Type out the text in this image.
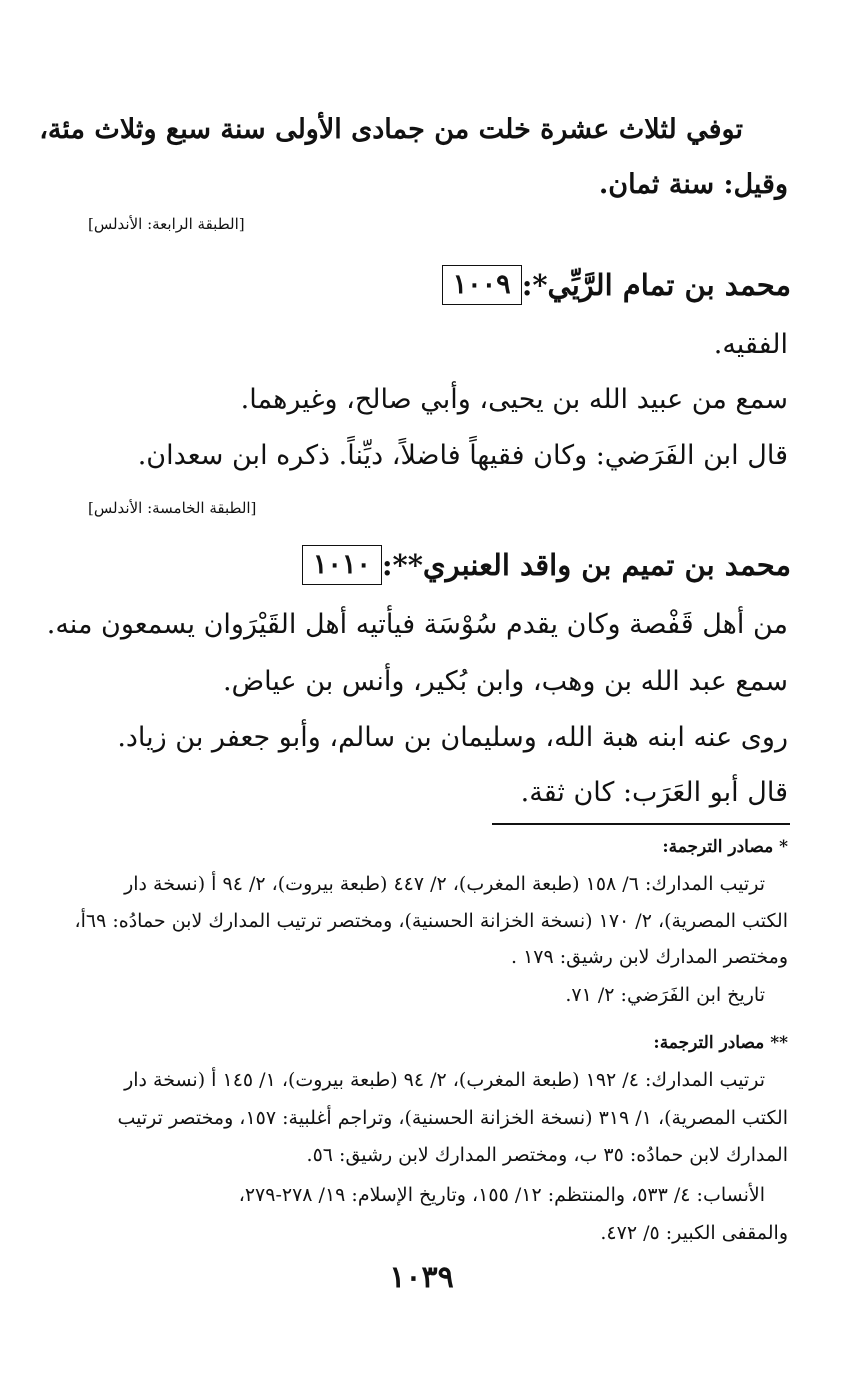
توفي لثلاث عشرة خلت من جمادى الأولى سنة سبع وثلاث مئة،
وقيل: سنة ثمان.
[الطبقة الرابعة: الأندلس]
١٠٠٩ محمد بن تمام الرَّيِّي*:
الفقيه.
سمع من عبيد الله بن يحيى، وأبي صالح، وغيرهما.
قال ابن الفَرَضي: وكان فقيهاً فاضلاً، ديِّناً. ذكره ابن سعدان.
[الطبقة الخامسة: الأندلس]
١٠١٠ محمد بن تميم بن واقد العنبري**:
من أهل قَفْصة وكان يقدم سُوْسَة فيأتيه أهل القَيْرَوان يسمعون منه.
سمع عبد الله بن وهب، وابن بُكير، وأنس بن عياض.
روى عنه ابنه هبة الله، وسليمان بن سالم، وأبو جعفر بن زياد.
قال أبو العَرَب: كان ثقة.
* مصادر الترجمة:
ترتيب المدارك: ٦/ ١٥٨ (طبعة المغرب)، ٢/ ٤٤٧ (طبعة بيروت)، ٢/ ٩٤ أ (نسخة دار
الكتب المصرية)، ٢/ ١٧٠ (نسخة الخزانة الحسنية)، ومختصر ترتيب المدارك لابن حمادُه: ٦٩أ،
ومختصر المدارك لابن رشيق: ١٧٩ .
تاريخ ابن الفَرَضي: ٢/ ٧١.
** مصادر الترجمة:
ترتيب المدارك: ٤/ ١٩٢ (طبعة المغرب)، ٢/ ٩٤ (طبعة بيروت)، ١/ ١٤٥ أ (نسخة دار
الكتب المصرية)، ١/ ٣١٩ (نسخة الخزانة الحسنية)، وتراجم أغلبية: ١٥٧، ومختصر ترتيب
المدارك لابن حمادُه: ٣٥ ب، ومختصر المدارك لابن رشيق: ٥٦.
الأنساب: ٤/ ٥٣٣، والمنتظم: ١٢/ ١٥٥، وتاريخ الإسلام: ١٩/ ٢٧٨-٢٧٩،
والمقفى الكبير: ٥/ ٤٧٢.
١٠٣٩
